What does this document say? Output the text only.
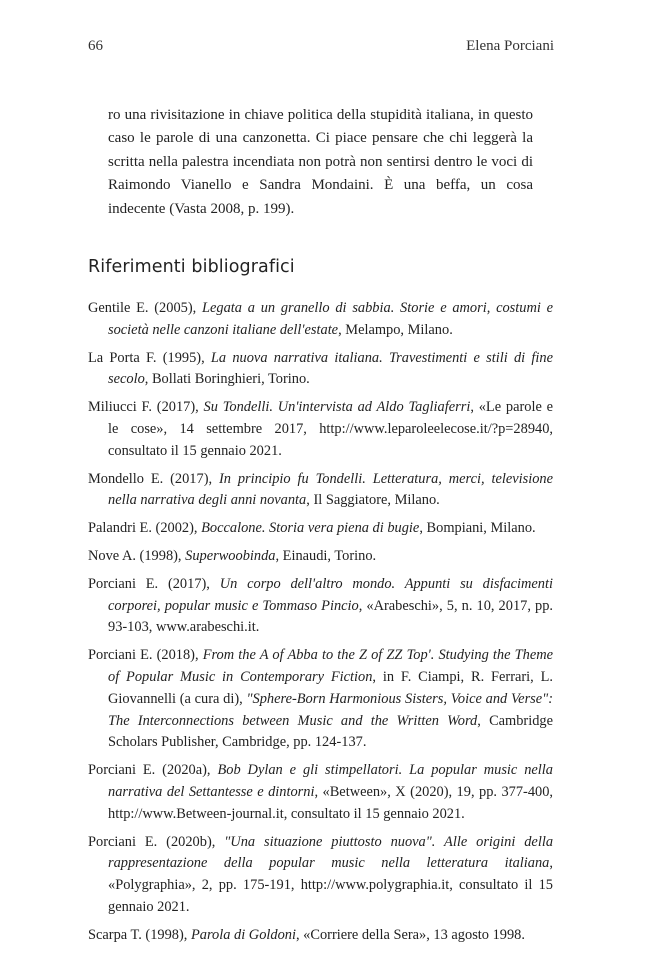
66	Elena Porciani
ro una rivisitazione in chiave politica della stupidità italiana, in questo caso le parole di una canzonetta. Ci piace pensare che chi leggerà la scritta nella palestra incendiata non potrà non sentirsi dentro le voci di Raimondo Vianello e Sandra Mondaini. È una beffa, un cosa indecente (Vasta 2008, p. 199).
Riferimenti bibliografici
Gentile E. (2005), Legata a un granello di sabbia. Storie e amori, costumi e società nelle canzoni italiane dell'estate, Melampo, Milano.
La Porta F. (1995), La nuova narrativa italiana. Travestimenti e stili di fine secolo, Bollati Boringhieri, Torino.
Miliucci F. (2017), Su Tondelli. Un'intervista ad Aldo Tagliaferri, «Le parole e le cose», 14 settembre 2017, http://www.leparoleelecose.it/?p=28940, consultato il 15 gennaio 2021.
Mondello E. (2017), In principio fu Tondelli. Letteratura, merci, televisione nella narrativa degli anni novanta, Il Saggiatore, Milano.
Palandri E. (2002), Boccalone. Storia vera piena di bugie, Bompiani, Milano.
Nove A. (1998), Superwoobinda, Einaudi, Torino.
Porciani E. (2017), Un corpo dell'altro mondo. Appunti su disfacimenti corporei, popular music e Tommaso Pincio, «Arabeschi», 5, n. 10, 2017, pp. 93-103, www.arabeschi.it.
Porciani E. (2018), From the A of Abba to the Z of ZZ Top'. Studying the Theme of Popular Music in Contemporary Fiction, in F. Ciampi, R. Ferrari, L. Giovannelli (a cura di), "Sphere-Born Harmonious Sisters, Voice and Verse": The Interconnections between Music and the Written Word, Cambridge Scholars Publisher, Cambridge, pp. 124-137.
Porciani E. (2020a), Bob Dylan e gli stimpellatori. La popular music nella narrativa del Settantesse e dintorni, «Between», X (2020), 19, pp. 377-400, http://www.Between-journal.it, consultato il 15 gennaio 2021.
Porciani E. (2020b), "Una situazione piuttosto nuova". Alle origini della rappresentazione della popular music nella letteratura italiana, «Polygraphia», 2, pp. 175-191, http://www.polygraphia.it, consultato il 15 gennaio 2021.
Scarpa T. (1998), Parola di Goldoni, «Corriere della Sera», 13 agosto 1998.
